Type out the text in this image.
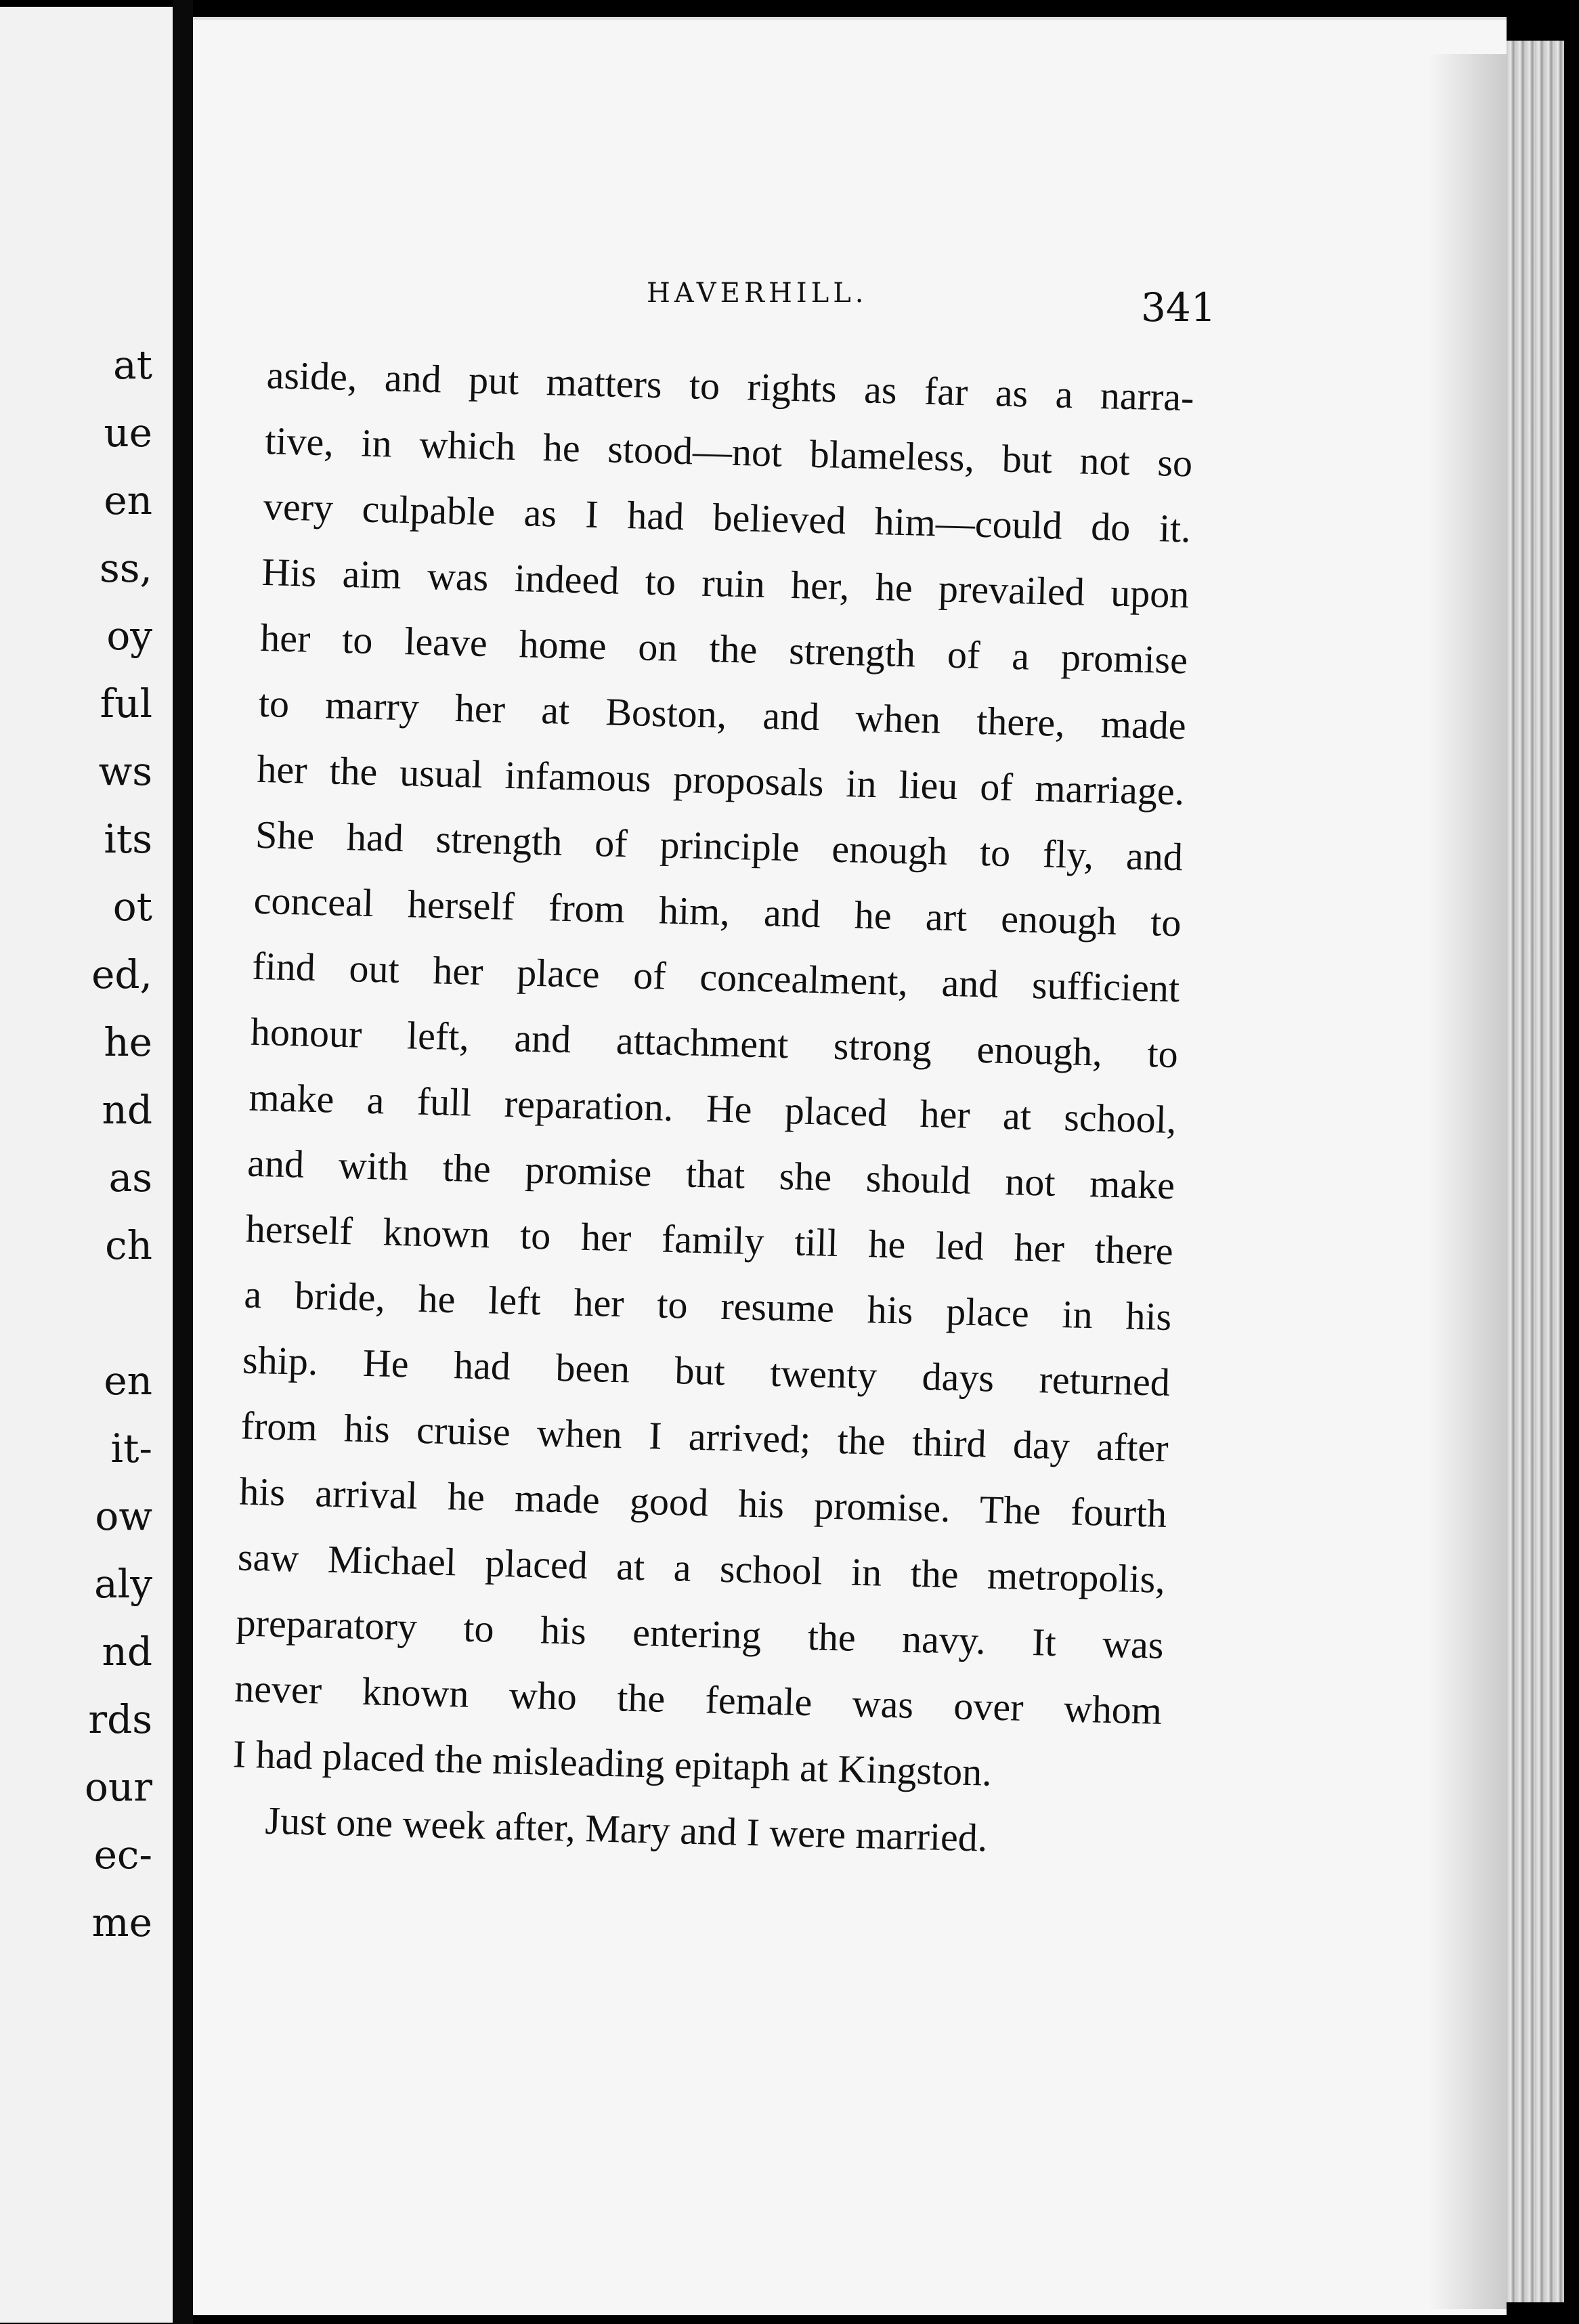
at
ue
en
ss,
oy
ful
ws
its
ot
ed,
he
nd
as
ch
en
it-
ow
aly
nd
rds
our
ec-
me
HAVERHILL.	341
aside, and put matters to rights as far as a narra-
tive, in which he stood—not blameless, but not so
very culpable as I had believed him—could do it.
His aim was indeed to ruin her, he prevailed upon
her to leave home on the strength of a promise
to marry her at Boston, and when there, made
her the usual infamous proposals in lieu of marriage.
She had strength of principle enough to fly, and
conceal herself from him, and he art enough to
find out her place of concealment, and sufficient
honour left, and attachment strong enough, to
make a full reparation. He placed her at school,
and with the promise that she should not make
herself known to her family till he led her there
a bride, he left her to resume his place in his
ship. He had been but twenty days returned
from his cruise when I arrived; the third day after
his arrival he made good his promise. The fourth
saw Michael placed at a school in the metropolis,
preparatory to his entering the navy. It was
never known who the female was over whom
I had placed the misleading epitaph at Kingston.
Just one week after, Mary and I were married.
